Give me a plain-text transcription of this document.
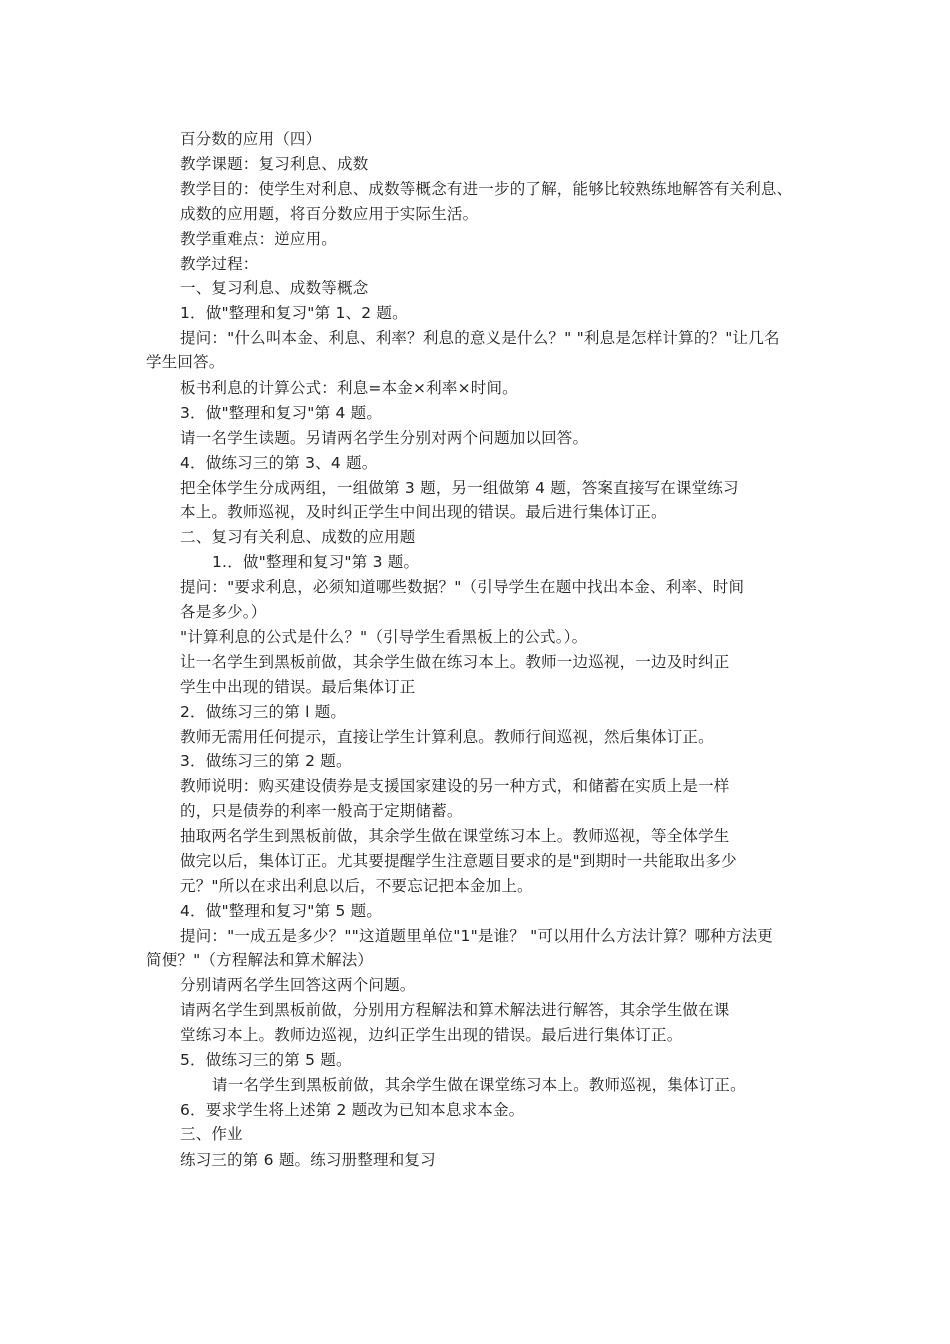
百分数的应用（四）
教学课题：复习利息、成数
教学目的：使学生对利息、成数等概念有进一步的了解，能够比较熟练地解答有关利息、
成数的应用题，将百分数应用于实际生活。
教学重难点：逆应用。
教学过程：
一、复习利息、成数等概念
1．做"整理和复习"第 1、2 题。
提问："什么叫本金、利息、利率？利息的意义是什么？" "利息是怎样计算的？"让几名
学生回答。
板书利息的计算公式：利息=本金×利率×时间。
3．做"整理和复习"第 4 题。
请一名学生读题。另请两名学生分别对两个问题加以回答。
4．做练习三的第 3、4 题。
把全体学生分成两组，一组做第 3 题，另一组做第 4 题，答案直接写在课堂练习
本上。教师巡视，及时纠正学生中间出现的错误。最后进行集体订正。
二、复习有关利息、成数的应用题
1.．做"整理和复习"第 3 题。
提问："要求利息，必须知道哪些数据？"（引导学生在题中找出本金、利率、时间
各是多少。）
"计算利息的公式是什么？"（引导学生看黑板上的公式。）。
让一名学生到黑板前做，其余学生做在练习本上。教师一边巡视，一边及时纠正
学生中出现的错误。最后集体订正
2．做练习三的第 l 题。
教师无需用任何提示，直接让学生计算利息。教师行间巡视，然后集体订正。
3．做练习三的第 2 题。
教师说明：购买建设债券是支援国家建设的另一种方式，和储蓄在实质上是一样
的，只是债券的利率一般高于定期储蓄。
抽取两名学生到黑板前做，其余学生做在课堂练习本上。教师巡视，等全体学生
做完以后，集体订正。尤其要提醒学生注意题目要求的是"到期时一共能取出多少
元？"所以在求出利息以后，不要忘记把本金加上。
4．做"整理和复习"第 5 题。
提问："一成五是多少？""这道题里单位"1"是谁？ "可以用什么方法计算？哪种方法更
简便？"（方程解法和算术解法）
分别请两名学生回答这两个问题。
请两名学生到黑板前做，分别用方程解法和算术解法进行解答，其余学生做在课
堂练习本上。教师边巡视，边纠正学生出现的错误。最后进行集体订正。
5．做练习三的第 5 题。
请一名学生到黑板前做，其余学生做在课堂练习本上。教师巡视，集体订正。
6．要求学生将上述第 2 题改为已知本息求本金。
三、作业
练习三的第 6 题。练习册整理和复习
